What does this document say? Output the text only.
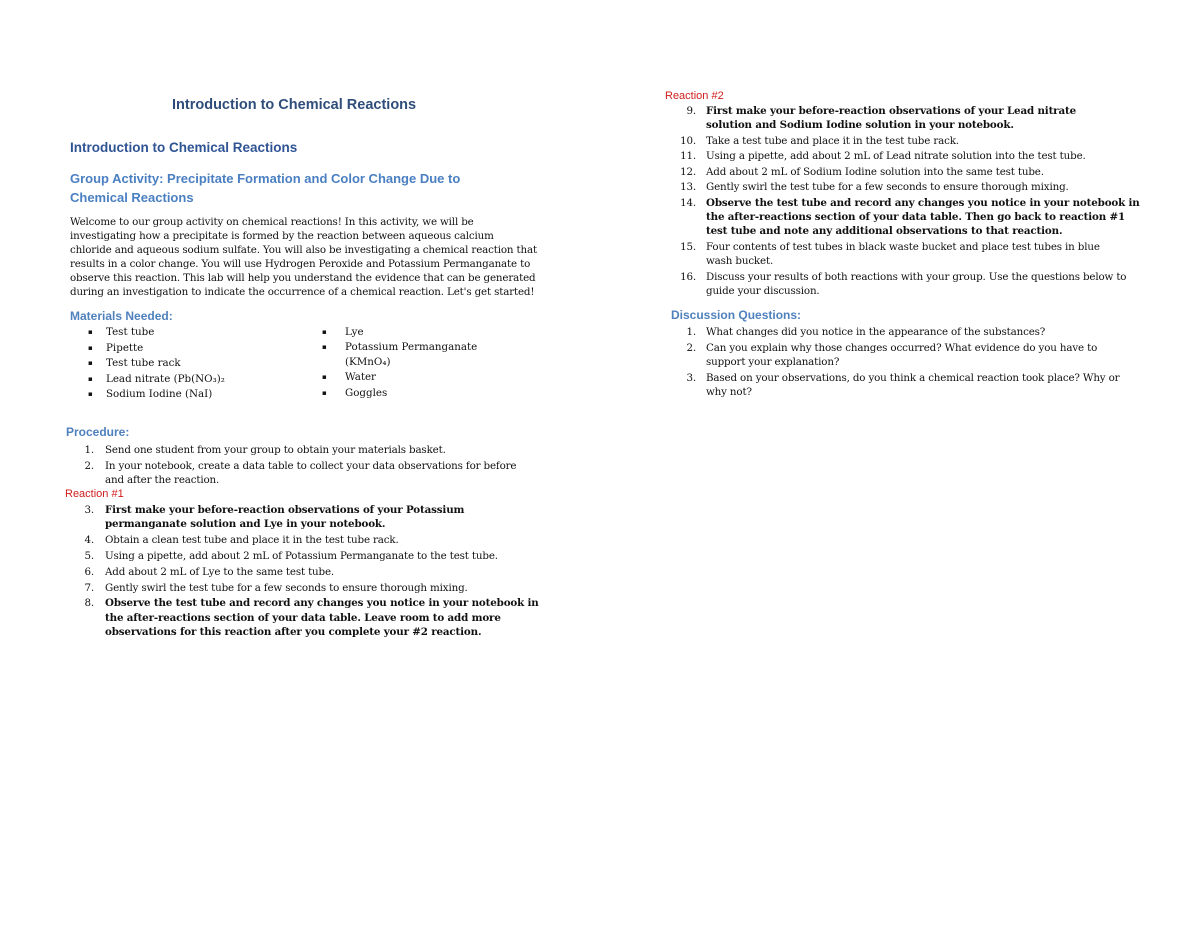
Introduction to Chemical Reactions
Introduction to Chemical Reactions
Group Activity: Precipitate Formation and Color Change Due to
Chemical Reactions
Welcome to our group activity on chemical reactions! In this activity, we will be
investigating how a precipitate is formed by the reaction between aqueous calcium
chloride and aqueous sodium sulfate. You will also be investigating a chemical reaction that
results in a color change. You will use Hydrogen Peroxide and Potassium Permanganate to
observe this reaction. This lab will help you understand the evidence that can be generated
during an investigation to indicate the occurrence of a chemical reaction. Let's get started!
Materials Needed:
▪ Test tube
▪ Pipette
▪ Test tube rack
▪ Lead nitrate (Pb(NO₃)₂
▪ Sodium Iodine (NaI)
▪ Lye
▪ Potassium Permanganate
(KMnO₄)
▪ Water
▪ Goggles
Procedure:
1. Send one student from your group to obtain your materials basket.
2. In your notebook, create a data table to collect your data observations for before
and after the reaction.
Reaction #1
3. First make your before-reaction observations of your Potassium
permanganate solution and Lye in your notebook.
4. Obtain a clean test tube and place it in the test tube rack.
5. Using a pipette, add about 2 mL of Potassium Permanganate to the test tube.
6. Add about 2 mL of Lye to the same test tube.
7. Gently swirl the test tube for a few seconds to ensure thorough mixing.
8. Observe the test tube and record any changes you notice in your notebook in
the after-reactions section of your data table. Leave room to add more
observations for this reaction after you complete your #2 reaction.
Reaction #2
9. First make your before-reaction observations of your Lead nitrate
solution and Sodium Iodine solution in your notebook.
10. Take a test tube and place it in the test tube rack.
11. Using a pipette, add about 2 mL of Lead nitrate solution into the test tube.
12. Add about 2 mL of Sodium Iodine solution into the same test tube.
13. Gently swirl the test tube for a few seconds to ensure thorough mixing.
14. Observe the test tube and record any changes you notice in your notebook in
the after-reactions section of your data table. Then go back to reaction #1
test tube and note any additional observations to that reaction.
15. Four contents of test tubes in black waste bucket and place test tubes in blue
wash bucket.
16. Discuss your results of both reactions with your group. Use the questions below to
guide your discussion.
Discussion Questions:
1. What changes did you notice in the appearance of the substances?
2. Can you explain why those changes occurred? What evidence do you have to
support your explanation?
3. Based on your observations, do you think a chemical reaction took place? Why or
why not?
